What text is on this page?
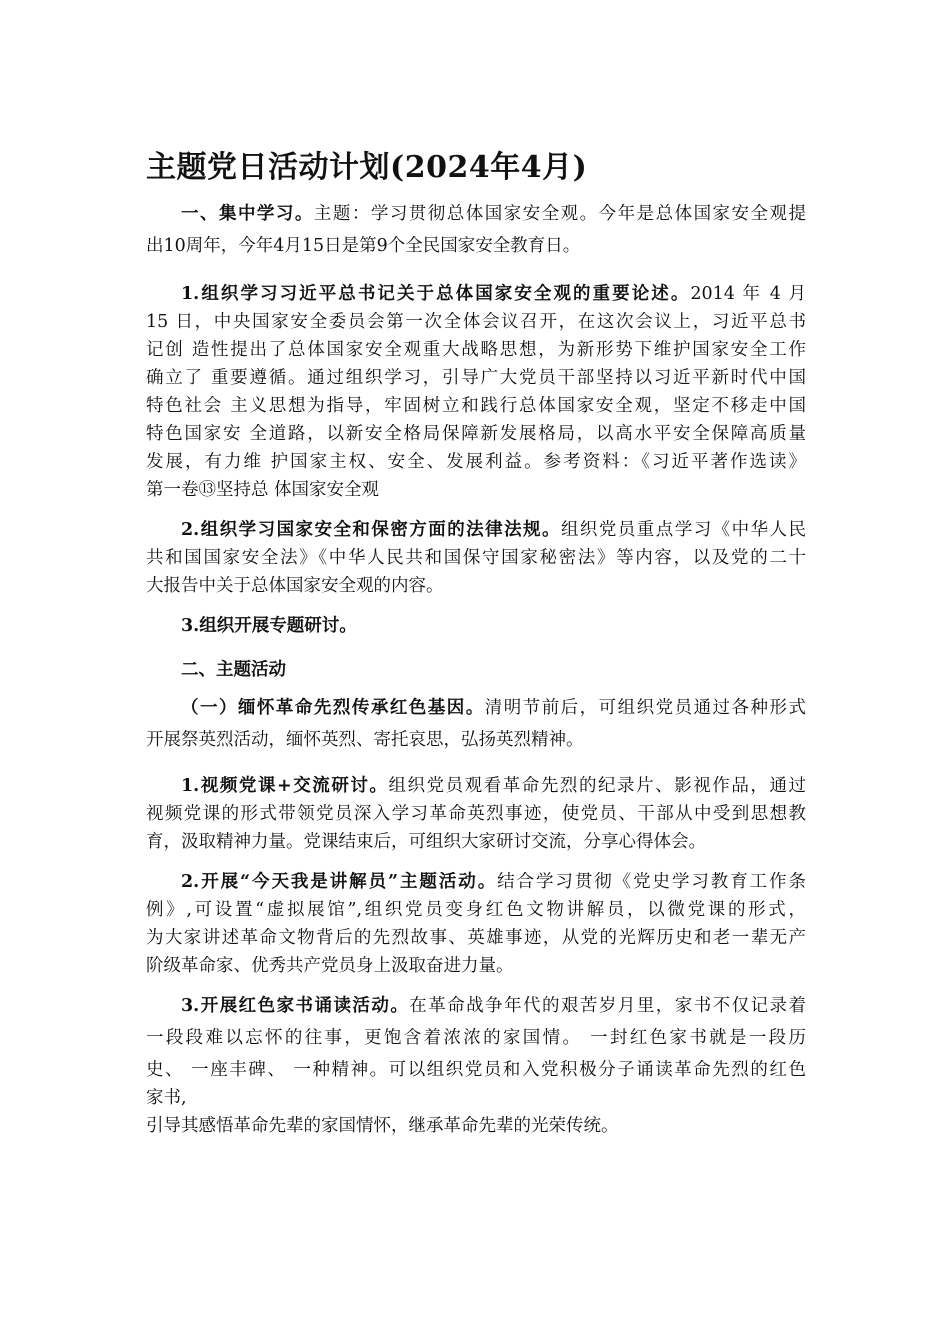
主题党日活动计划(2024年4月)
一、集中学习。主题：学习贯彻总体国家安全观。今年是总体国家安全观提
出10周年，今年4月15日是第9个全民国家安全教育日。
1.组织学习习近平总书记关于总体国家安全观的重要论述。2014 年 4 月
15 日，中央国家安全委员会第一次全体会议召开，在这次会议上，习近平总书
记创 造性提出了总体国家安全观重大战略思想，为新形势下维护国家安全工作
确立了 重要遵循。通过组织学习，引导广大党员干部坚持以习近平新时代中国
特色社会 主义思想为指导，牢固树立和践行总体国家安全观，坚定不移走中国
特色国家安 全道路，以新安全格局保障新发展格局，以高水平安全保障高质量
发展，有力维 护国家主权、安全、发展利益。参考资料：《习近平著作选读》
第一卷⑬坚持总 体国家安全观
2.组织学习国家安全和保密方面的法律法规。组织党员重点学习《中华人民
共和国国家安全法》《中华人民共和国保守国家秘密法》等内容，以及党的二十
大报告中关于总体国家安全观的内容。
3.组织开展专题研讨。
二、主题活动
（一）缅怀革命先烈传承红色基因。清明节前后，可组织党员通过各种形式
开展祭英烈活动，缅怀英烈、寄托哀思，弘扬英烈精神。
1.视频党课+交流研讨。组织党员观看革命先烈的纪录片、影视作品，通过
视频党课的形式带领党员深入学习革命英烈事迹，使党员、干部从中受到思想教
育，汲取精神力量。党课结束后，可组织大家研讨交流，分享心得体会。
2.开展“今天我是讲解员”主题活动。结合学习贯彻《党史学习教育工作条
例》,可设置“虚拟展馆”,组织党员变身红色文物讲解员，以微党课的形式，
为大家讲述革命文物背后的先烈故事、英雄事迹，从党的光辉历史和老一辈无产
阶级革命家、优秀共产党员身上汲取奋进力量。
3.开展红色家书诵读活动。在革命战争年代的艰苦岁月里，家书不仅记录着
一段段难以忘怀的往事，更饱含着浓浓的家国情。 一封红色家书就是一段历
史、 一座丰碑、 一种精神。可以组织党员和入党积极分子诵读革命先烈的红色
家书,
引导其感悟革命先辈的家国情怀，继承革命先辈的光荣传统。
